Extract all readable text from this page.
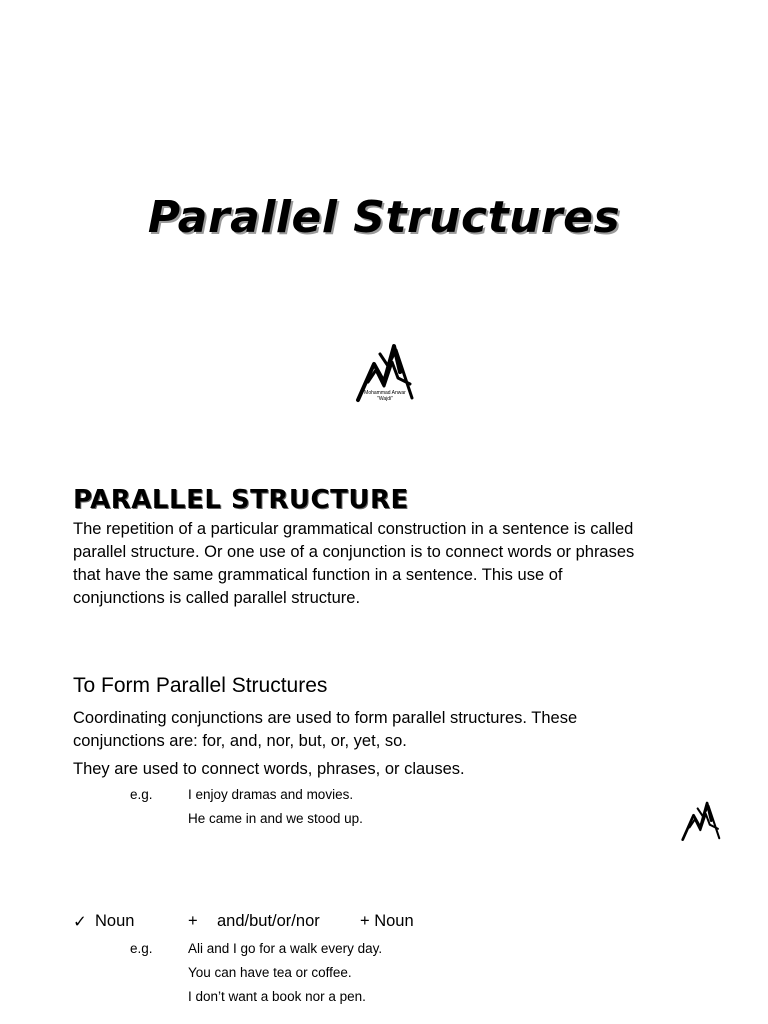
Parallel Structures
Mohammad Anwar
"Wajdi"
PARALLEL STRUCTURE
The repetition of a particular grammatical construction in a sentence is called
parallel structure. Or one use of a conjunction is to connect words or phrases
that have the same grammatical function in a sentence. This use of
conjunctions is called parallel structure.
To Form Parallel Structures
Coordinating conjunctions are used to form parallel structures. These
conjunctions are: for, and, nor, but, or, yet, so.
They are used to connect words, phrases, or clauses.
e.g.	I enjoy dramas and movies.
He came in and we stood up.
✓ Noun	+ and/but/or/nor + Noun
e.g.	Ali and I go for a walk every day.
You can have tea or coffee.
I don’t want a book nor a pen.
